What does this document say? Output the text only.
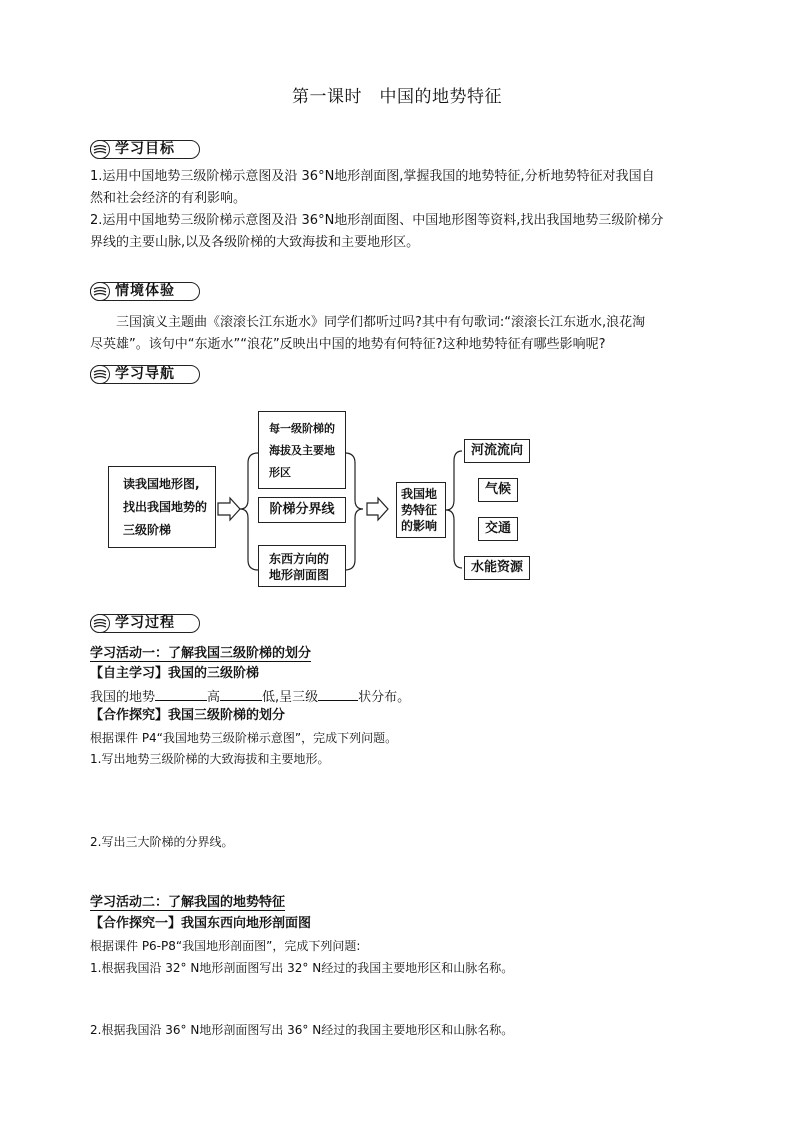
第一课时　中国的地势特征
学习目标
1.运用中国地势三级阶梯示意图及沿 36°N地形剖面图,掌握我国的地势特征,分析地势特征对我国自
然和社会经济的有利影响。
2.运用中国地势三级阶梯示意图及沿 36°N地形剖面图、中国地形图等资料,找出我国地势三级阶梯分
界线的主要山脉,以及各级阶梯的大致海拔和主要地形区。
情境体验
三国演义主题曲《滚滚长江东逝水》同学们都听过吗?其中有句歌词:“滚滚长江东逝水,浪花淘
尽英雄”。该句中“东逝水”“浪花”反映出中国的地势有何特征?这种地势特征有哪些影响呢?
学习导航
读我国地形图,
找出我国地势的
三级阶梯
每一级阶梯的
海拔及主要地
形区
阶梯分界线
东西方向的
地形剖面图
我国地
势特征
的影响
河流流向
气候
交通
水能资源
学习过程
学习活动一：了解我国三级阶梯的划分
【自主学习】我国的三级阶梯
我国的地势	高	低,呈三级	状分布。
【合作探究】我国三级阶梯的划分
根据课件 P4“我国地势三级阶梯示意图”，完成下列问题。
1.写出地势三级阶梯的大致海拔和主要地形。
2.写出三大阶梯的分界线。
学习活动二：了解我国的地势特征
【合作探究一】我国东西向地形剖面图
根据课件 P6-P8“我国地形剖面图”，完成下列问题:
1.根据我国沿 32° N地形剖面图写出 32° N经过的我国主要地形区和山脉名称。
2.根据我国沿 36° N地形剖面图写出 36° N经过的我国主要地形区和山脉名称。
